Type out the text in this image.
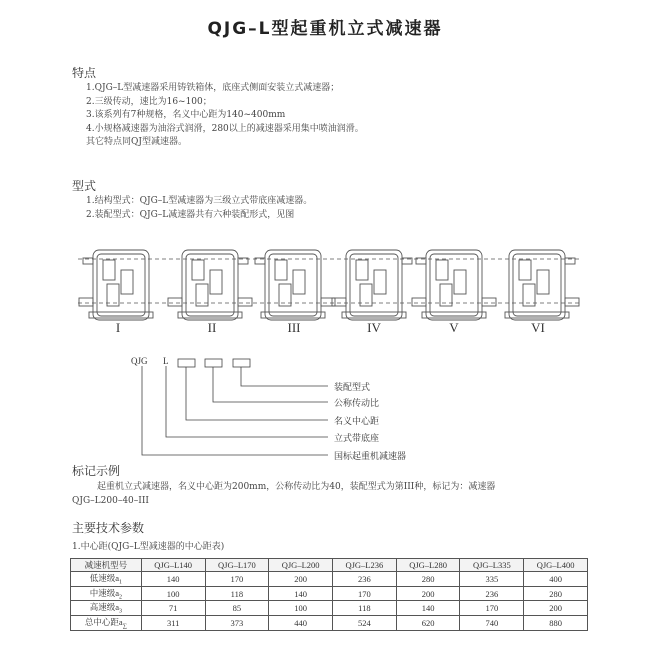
QJG–L型起重机立式减速器
特点
1.QJG–L型减速器采用铸铁箱体，底座式侧面安装立式减速器；
2.三级传动，速比为16~100；
3.该系列有7种规格，名义中心距为140~400mm
4.小规格减速器为油浴式润滑，280以上的减速器采用集中喷油润滑。
其它特点同QJ型减速器。
型式
1.结构型式：QJG–L型减速器为三级立式带底座减速器。
2.装配型式：QJG–L减速器共有六种装配形式，见图
I	II	III	IV	V	VI
QJG L
装配型式
公称传动比
名义中心距
立式带底座
国标起重机减速器
标记示例
起重机立式减速器，名义中心距为200mm，公称传动比为40，装配型式为第III种，标记为：减速器
QJG–L200–40–III
主要技术参数
1.中心距(QJG–L型减速器的中心距表)
减速机型号	QJG–L140	QJG–L170	QJG–L200	QJG–L236	QJG–L280	QJG–L335	QJG–L400
低速级$a_1$	140	170	200	236	280	335	400
中速级$a_2$	100	118	140	170	200	236	280
高速级$a_3$	71	85	100	118	140	170	200
总中心距$a_\sum$	311	373	440	524	620	740	880
